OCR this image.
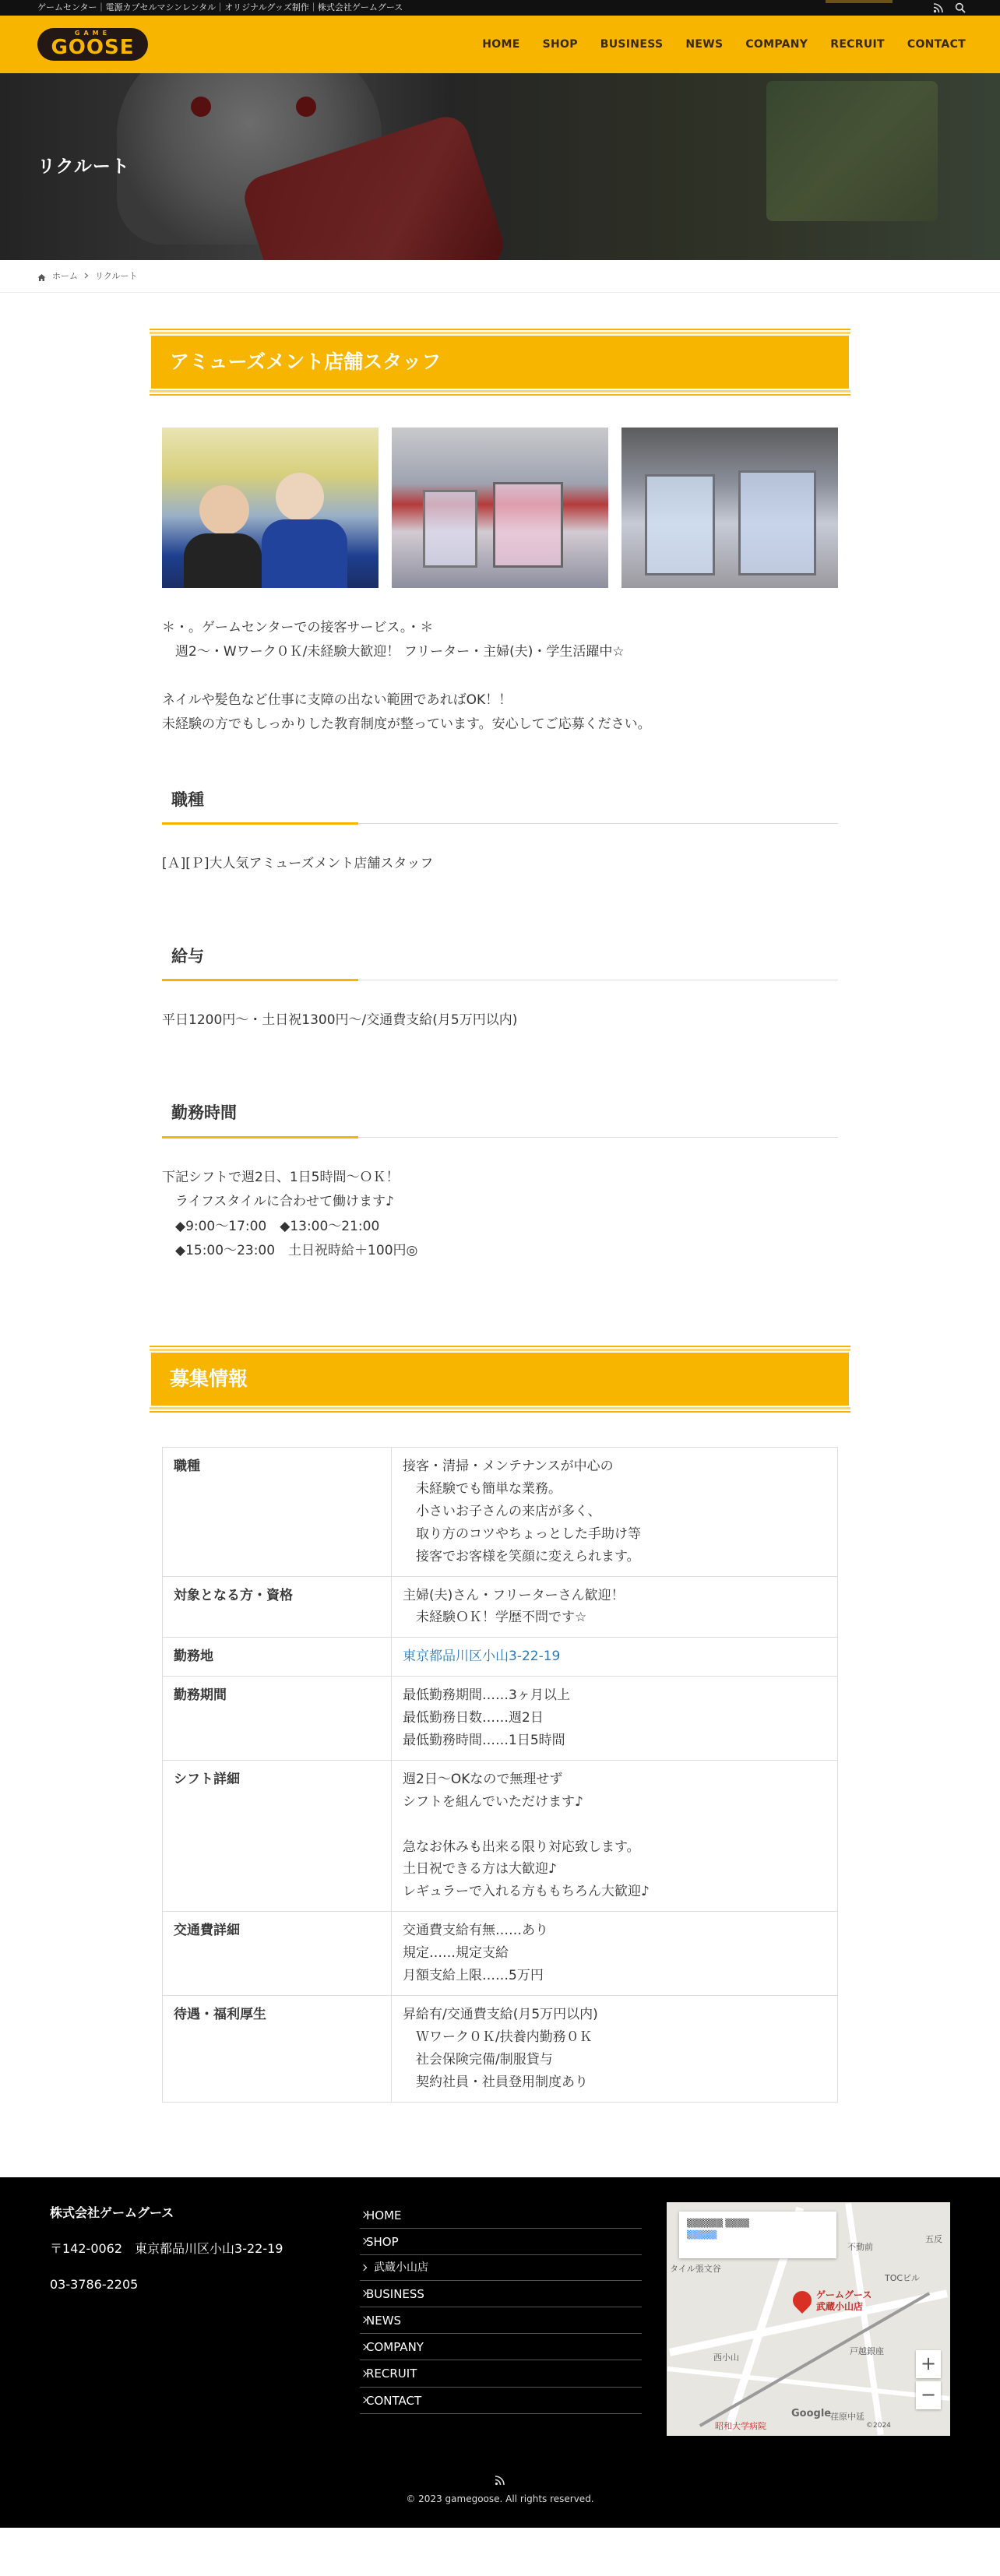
ゲームセンター｜電源カプセルマシンレンタル｜オリジナルグッズ制作｜株式会社ゲームグース
GAME
GOOSE	HOME SHOP BUSINESS NEWS COMPANY RECRUIT CONTACT
リクルート
ホーム リクルート
アミューズメント店舗スタッフ

＊・。ゲームセンターでの接客サービス。・＊
　週2〜・Wワーク０Ｋ/未経験大歓迎！ フリーター・主婦(夫)・学生活躍中☆

ネイルや髪色など仕事に支障の出ない範囲であればOK！！
未経験の方でもしっかりした教育制度が整っています。安心してご応募ください。

職種

[Ａ][Ｐ]大人気アミューズメント店舗スタッフ

給与

平日1200円〜・土日祝1300円〜/交通費支給(月5万円以内)

勤務時間

下記シフトで週2日、1日5時間〜ＯＫ！
　ライフスタイルに合わせて働けます♪
　◆9:00〜17:00　◆13:00〜21:00
　◆15:00〜23:00　土日祝時給＋100円◎

募集情報
職種	接客・清掃・メンテナンスが中心の
　未経験でも簡単な業務。
　小さいお子さんの来店が多く、
　取り方のコツやちょっとした手助け等
　接客でお客様を笑顔に変えられます。
対象となる方・資格	主婦(夫)さん・フリーターさん歓迎！
　未経験ＯＫ！学歴不問です☆
勤務地	東京都品川区小山3-22-19
勤務期間	最低勤務期間……3ヶ月以上
最低勤務日数……週2日
最低勤務時間……1日5時間
シフト詳細	週2日〜OKなので無理せず
シフトを組んでいただけます♪

急なお休みも出来る限り対応致します。
土日祝できる方は大歓迎♪
レギュラーで入れる方ももちろん大歓迎♪
交通費詳細	交通費支給有無……あり
規定……規定支給
月額支給上限……5万円
待遇・福利厚生	昇給有/交通費支給(月5万円以内)
　Ｗワーク０Ｋ/扶養内勤務０Ｋ
　社会保険完備/制服貸与
　契約社員・社員登用制度あり
株式会社ゲームグース
〒142-0062　東京都品川区小山3-22-19
03-3786-2205
HOME
SHOP
武蔵小山店
BUSINESS
NEWS
COMPANY
RECRUIT
CONTACT
▒▒▒▒▒▒ ▒▒▒▒
▒▒▒▒▒
不動前
西小山
戸越銀座
TOCビル
五反
タイル張文谷
昭和大学病院
荏原中延
ゲームグース
武蔵小山店
+
−
Google
©2024
© 2023 gamegoose. All rights reserved.
